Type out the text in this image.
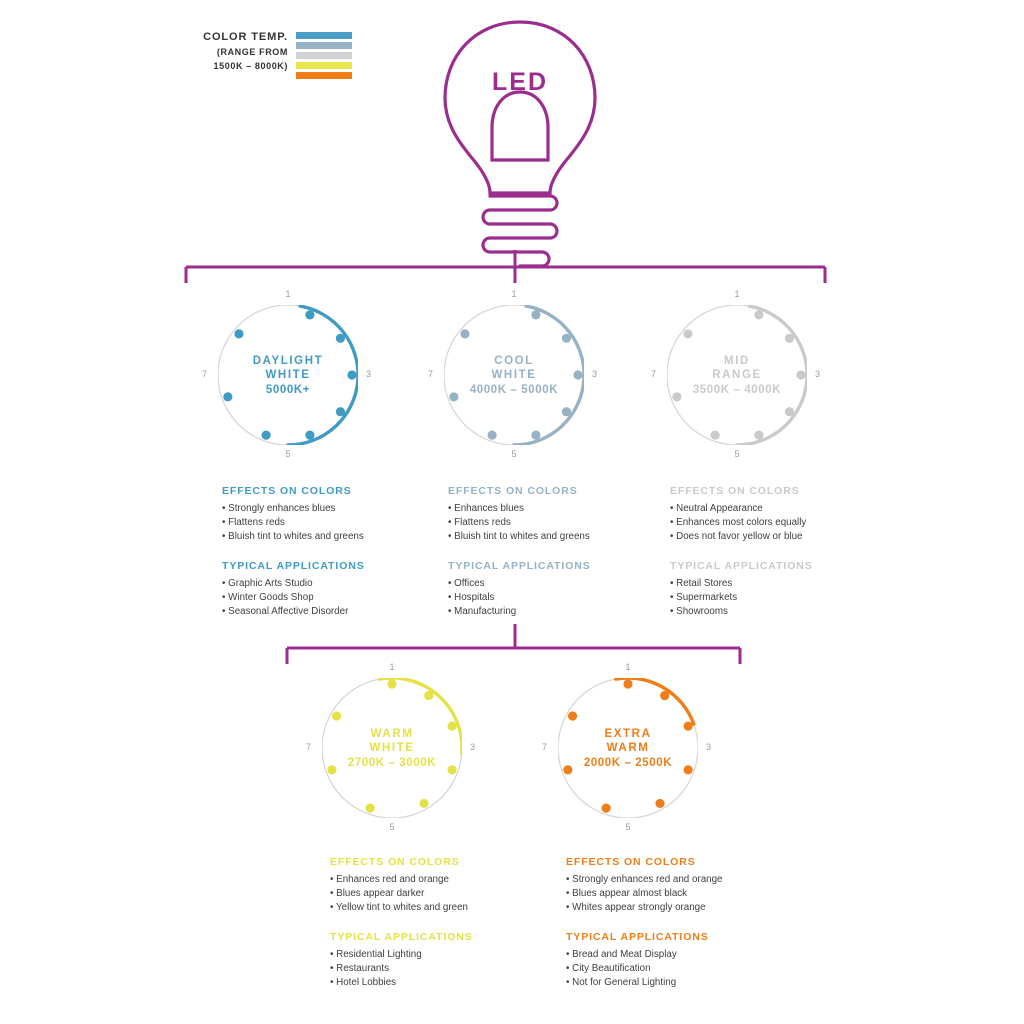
COLOR TEMP.
(RANGE FROM
1500K – 8000K)
LED
DAYLIGHT
WHITE
5000K+
1
3
5
7
COOL
WHITE
4000K – 5000K
1
3
5
7
MID
RANGE
3500K – 4000K
1
3
5
7
WARM
WHITE
2700K – 3000K
1
3
5
7
EXTRA
WARM
2000K – 2500K
1
3
5
7
EFFECTS ON COLORS
• Strongly enhances blues
• Flattens reds
• Bluish tint to whites and greens
TYPICAL APPLICATIONS
• Graphic Arts Studio
• Winter Goods Shop
• Seasonal Affective Disorder
EFFECTS ON COLORS
• Enhances blues
• Flattens reds
• Bluish tint to whites and greens
TYPICAL APPLICATIONS
• Offices
• Hospitals
• Manufacturing
EFFECTS ON COLORS
• Neutral Appearance
• Enhances most colors equally
• Does not favor yellow or blue
TYPICAL APPLICATIONS
• Retail Stores
• Supermarkets
• Showrooms
EFFECTS ON COLORS
• Enhances red and orange
• Blues appear darker
• Yellow tint to whites and green
TYPICAL APPLICATIONS
• Residential Lighting
• Restaurants
• Hotel Lobbies
EFFECTS ON COLORS
• Strongly enhances red and orange
• Blues appear almost black
• Whites appear strongly orange
TYPICAL APPLICATIONS
• Bread and Meat Display
• City Beautification
• Not for General Lighting
